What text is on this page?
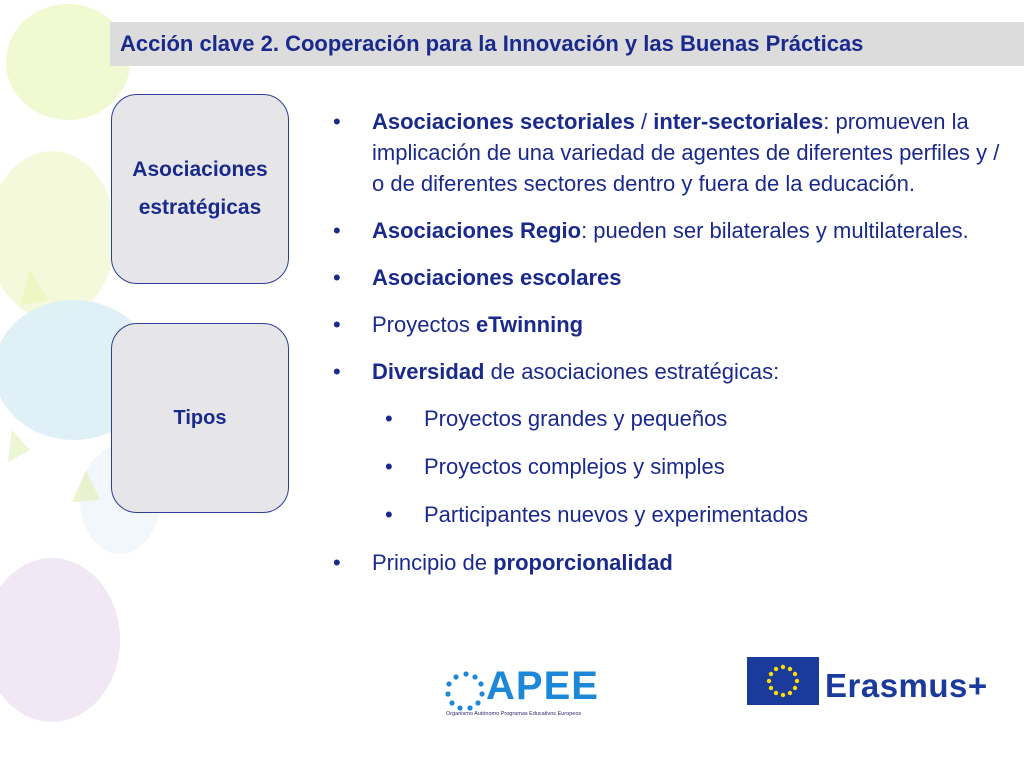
Acción clave 2. Cooperación para la Innovación y las Buenas Prácticas
Asociaciones
estratégicas
Tipos
• Asociaciones sectoriales / inter-sectoriales: promueven la implicación de una variedad de agentes de diferentes perfiles y / o de diferentes sectores dentro y fuera de la educación.
• Asociaciones Regio: pueden ser bilaterales y multilaterales.
• Asociaciones escolares
• Proyectos eTwinning
• Diversidad de asociaciones estratégicas:
• Proyectos grandes y pequeños
• Proyectos complejos y simples
• Participantes nuevos y experimentados
• Principio de proporcionalidad
APEE
Organismo Autónomo Programas Educativos Europeos
Erasmus+
